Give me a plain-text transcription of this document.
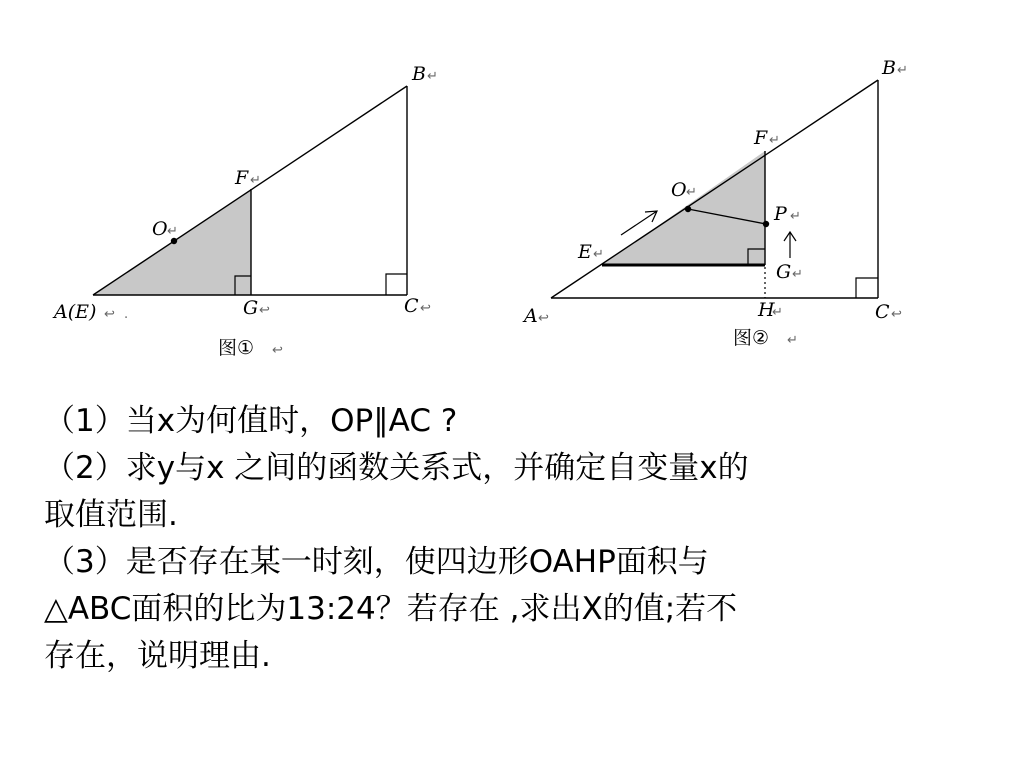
B ↵
F ↵
O ↵
A(E) ↩ .	G ↩	C ↩
图① ↩
B ↵
F ↵
O ↵
P ↵
E ↵
G ↵
A ↩	H
↵	C ↩
图② ↵
（1）当x为何值时，OP∥AC ?
（2）求y与x 之间的函数关系式，并确定自变量x的
取值范围.
（3）是否存在某一时刻，使四边形OAHP面积与
△ABC面积的比为13:24？若存在 ,求出X的值;若不
存在，说明理由.
